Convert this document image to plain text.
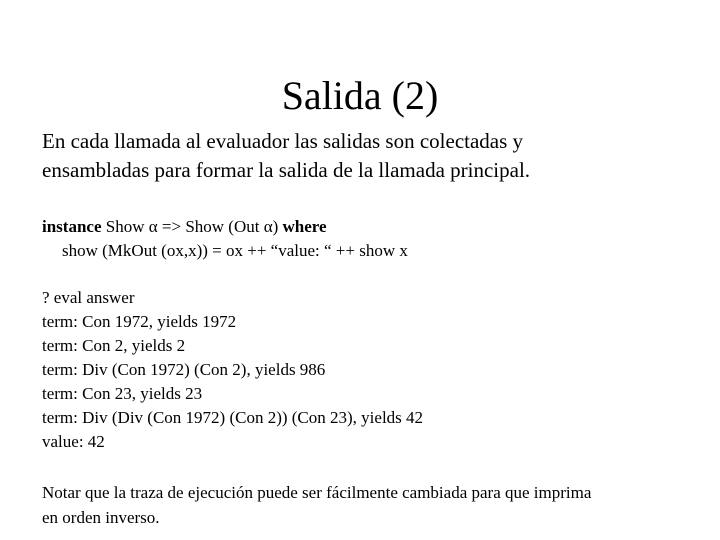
Salida (2)
En cada llamada al evaluador las salidas son colectadas y
ensambladas para formar la salida de la llamada principal.
instance Show α => Show (Out α) where
show (MkOut (ox,x)) = ox ++ “value: “ ++ show x
? eval answer
term: Con 1972, yields 1972
term: Con 2, yields 2
term: Div (Con 1972) (Con 2), yields 986
term: Con 23, yields 23
term: Div (Div (Con 1972) (Con 2)) (Con 23), yields 42
value: 42
Notar que la traza de ejecución puede ser fácilmente cambiada para que imprima
en orden inverso.
